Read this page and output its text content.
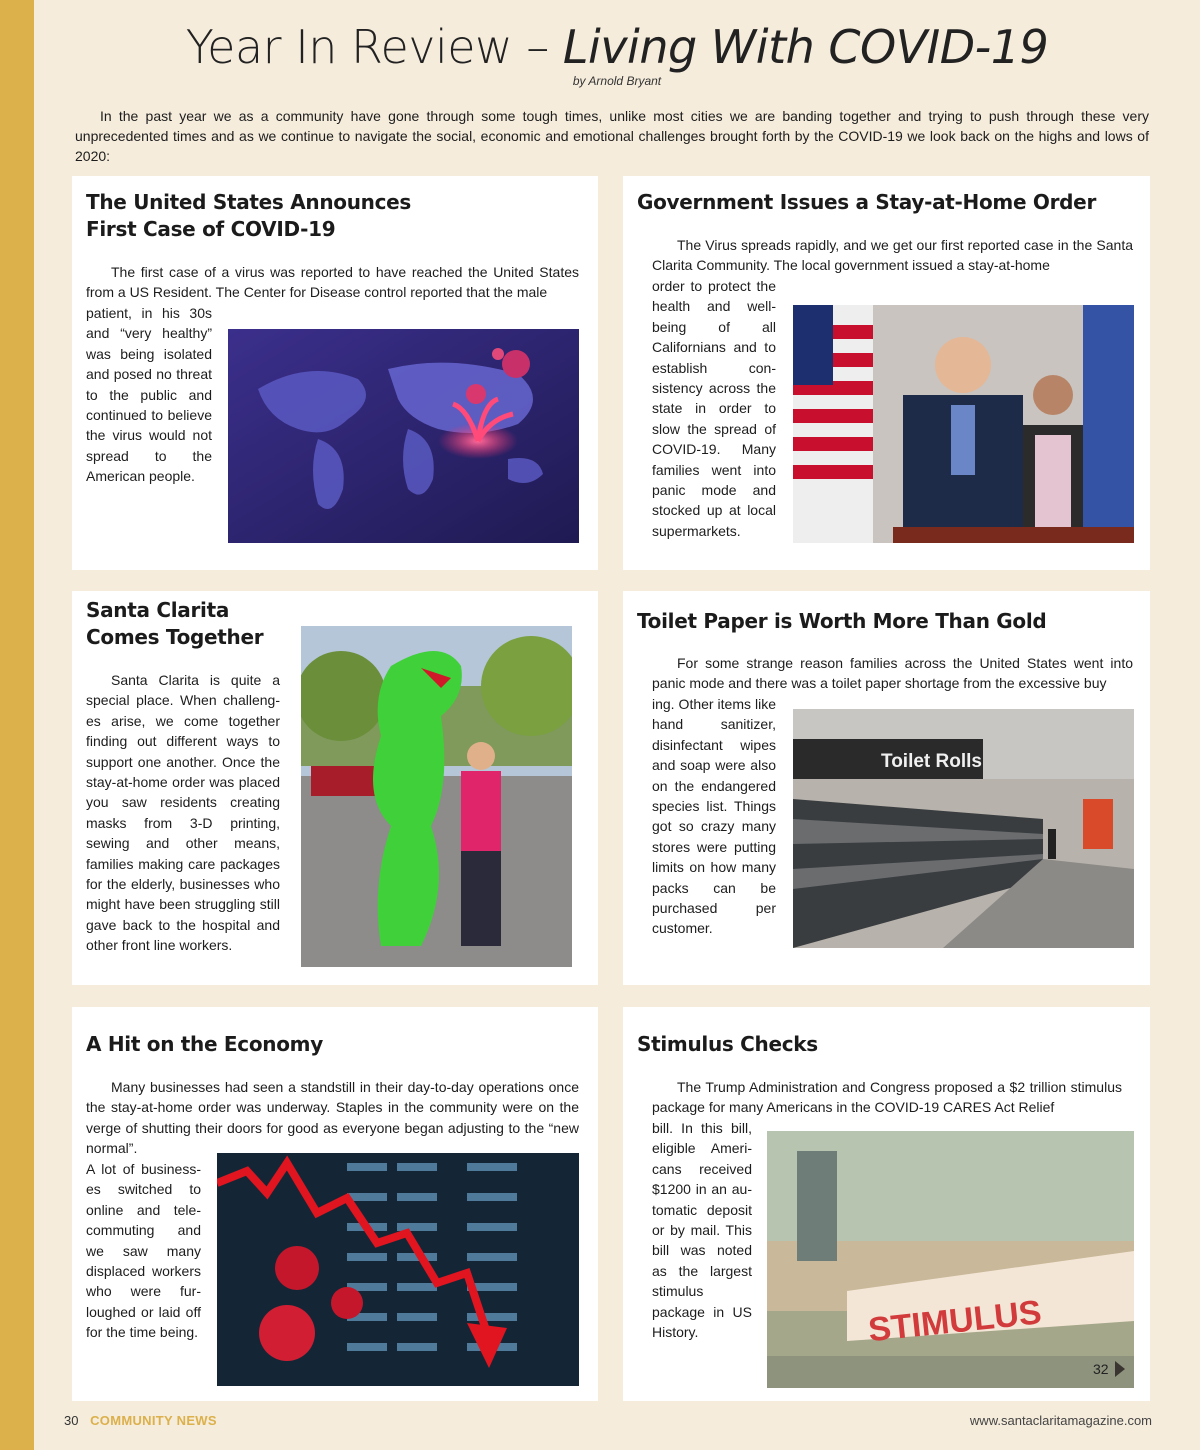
Year In Review – Living With COVID-19
by Arnold Bryant

In the past year we as a community have gone through some tough times, unlike most cities we are banding together and trying to push through these very unprecedented times and as we continue to navigate the social, economic and emotional challenges brought forth by the COVID-19 we look back on the highs and lows of 2020:

The United States Announces
First Case of COVID-19

The first case of a virus was reported to have reached the United States from a US Resident. The Center for Disease control reported that the male

patient, in his 30s and “very healthy” was being isolated and posed no threat to the public and continued to believe the virus would not spread to the American people.

Government Issues a Stay-at-Home Order

The Virus spreads rapidly, and we get our first reported case in the Santa Clarita Community. The local government issued a stay-at-home

order to protect the health and well-being of all Californians and to establish consistency across the state in order to slow the spread of COVID-19. Many families went into panic mode and stocked up at local supermarkets.

Santa Clarita
Comes Together

Santa Clarita is quite a special place. When challenges arise, we come together finding out different ways to support one another. Once the stay-at-home order was placed you saw residents creating masks from 3-D printing, sewing and other means, families making care packages for the elderly, businesses who might have been struggling still gave back to the hospital and other front line workers.

Toilet Paper is Worth More Than Gold

For some strange reason families across the United States went into panic mode and there was a toilet paper shortage from the excessive buy

ing. Other items like hand sanitizer, disinfectant wipes and soap were also on the endangered species list. Things got so crazy many stores were putting limits on how many packs can be purchased per customer.

Toilet Rolls
A Hit on the Economy

Many businesses had seen a standstill in their day-to-day operations once the stay-at-home order was underway. Staples in the community were on the verge of shutting their doors for good as everyone began adjusting to the “new normal”.

A lot of businesses switched to online and telecommuting and we saw many displaced workers who were furloughed or laid off for the time being.

Stimulus Checks

The Trump Administration and Congress proposed a $2 trillion stimulus package for many Americans in the COVID-19 CARES Act Relief

bill. In this bill, eligible Americans received $1200 in an automatic deposit or by mail. This bill was noted as the largest stimulus package in US History.	STIMULUS
32
30 COMMUNITY NEWS	www.santaclaritamagazine.com
